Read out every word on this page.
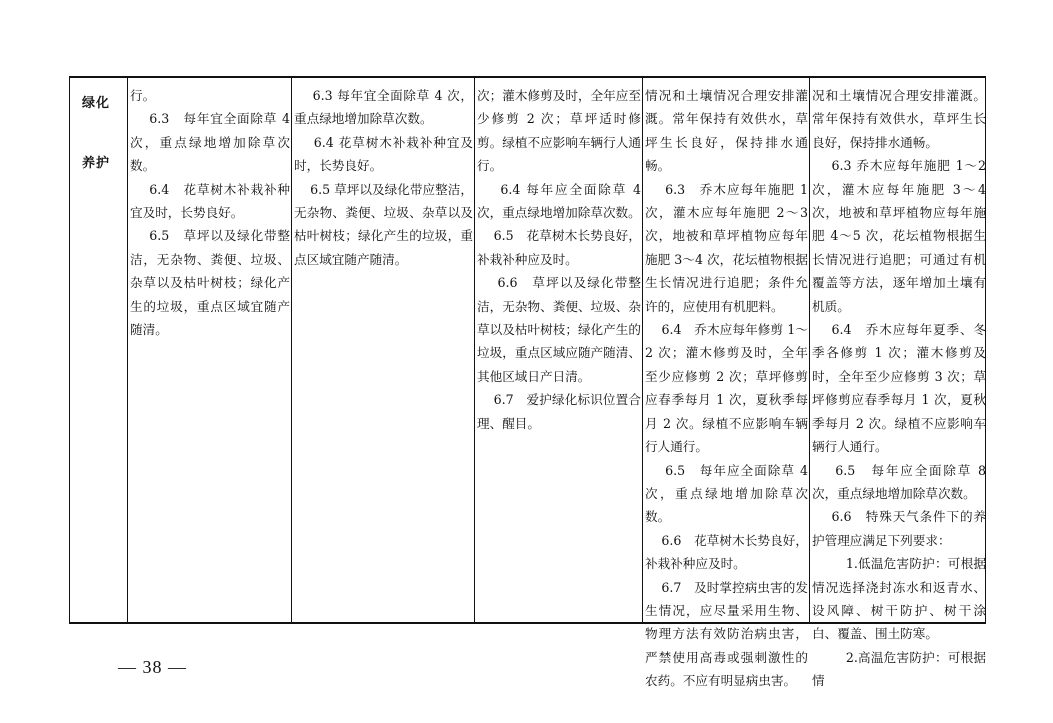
绿化
养护
行。
6.3　每年宜全面除草 4 次，重点绿地增加除草次数。
6.4　花草树木补栽补种宜及时，长势良好。
6.5　草坪以及绿化带整洁，无杂物、粪便、垃圾、杂草以及枯叶树枝；绿化产生的垃圾，重点区域宜随产随清。
6.3 每年宜全面除草 4 次，重点绿地增加除草次数。
6.4 花草树木补栽补种宜及时，长势良好。
6.5 草坪以及绿化带应整洁，无杂物、粪便、垃圾、杂草以及枯叶树枝；绿化产生的垃圾，重点区域宜随产随清。
次；灌木修剪及时，全年应至少修剪 2 次；草坪适时修剪。绿植不应影响车辆行人通行。
6.4 每年应全面除草 4 次，重点绿地增加除草次数。
6.5　花草树木长势良好，补栽补种应及时。
6.6　草坪以及绿化带整洁，无杂物、粪便、垃圾、杂草以及枯叶树枝；绿化产生的垃圾，重点区域应随产随清、其他区域日产日清。
6.7　爱护绿化标识位置合理、醒目。
情况和土壤情况合理安排灌溉。常年保持有效供水，草坪生长良好，保持排水通畅。
6.3　乔木应每年施肥 1 次，灌木应每年施肥 2～3 次，地被和草坪植物应每年施肥 3～4 次，花坛植物根据生长情况进行追肥；条件允许的，应使用有机肥料。
6.4　乔木应每年修剪 1～2 次；灌木修剪及时，全年至少应修剪 2 次；草坪修剪应春季每月 1 次，夏秋季每月 2 次。绿植不应影响车辆行人通行。
6.5　每年应全面除草 4 次，重点绿地增加除草次数。
6.6　花草树木长势良好，补栽补种应及时。
6.7　及时掌控病虫害的发生情况，应尽量采用生物、物理方法有效防治病虫害，严禁使用高毒或强刺激性的农药。不应有明显病虫害。
况和土壤情况合理安排灌溉。常年保持有效供水，草坪生长良好，保持排水通畅。
6.3 乔木应每年施肥 1～2 次，灌木应每年施肥 3～4 次，地被和草坪植物应每年施肥 4～5 次，花坛植物根据生长情况进行追肥；可通过有机覆盖等方法，逐年增加土壤有机质。
6.4　乔木应每年夏季、冬季各修剪 1 次；灌木修剪及时，全年至少应修剪 3 次；草坪修剪应春季每月 1 次，夏秋季每月 2 次。绿植不应影响车辆行人通行。
6.5　每年应全面除草 8 次，重点绿地增加除草次数。
6.6　特殊天气条件下的养护管理应满足下列要求：
1.低温危害防护：可根据情况选择浇封冻水和返青水、设风障、树干防护、树干涂白、覆盖、围土防寒。
2.高温危害防护：可根据情
— 38 —
